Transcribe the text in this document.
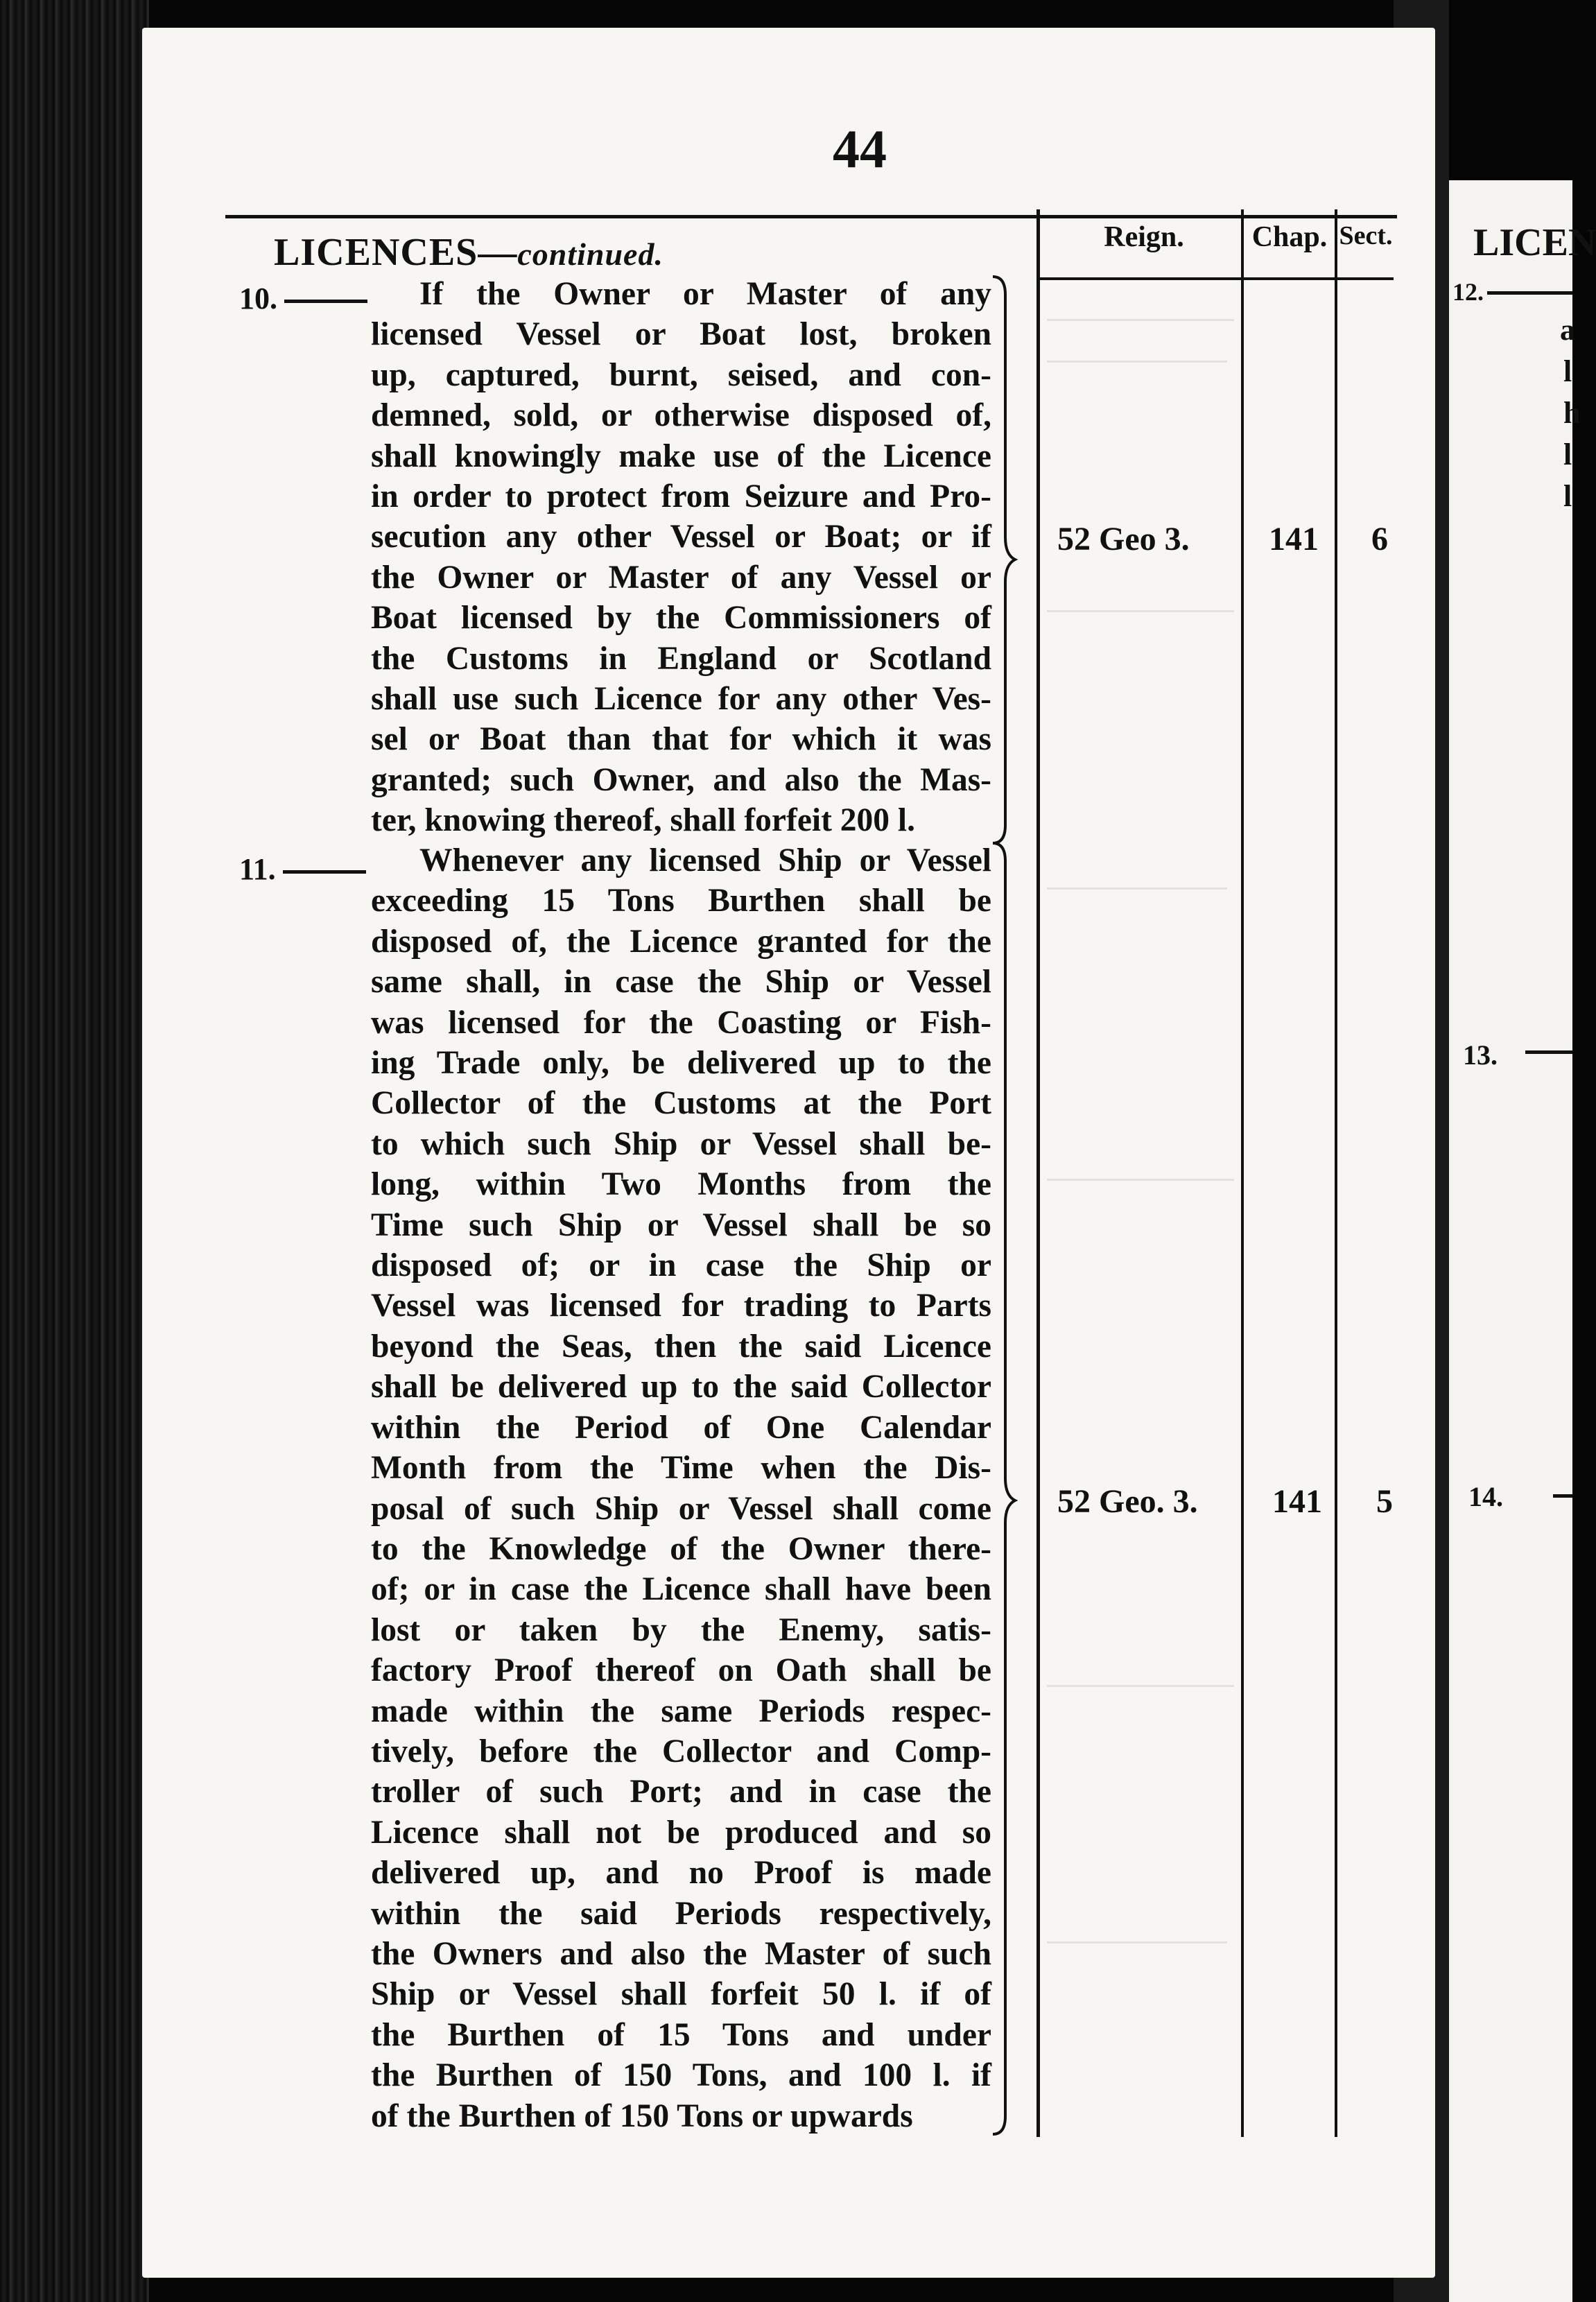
44
LICENCES—continued.	Reign.	Chap. Sect.
10.	If the Owner or Master of any
licensed Vessel or Boat lost, broken
up, captured, burnt, seised, and con-
demned, sold, or otherwise disposed of,
shall knowingly make use of the Licence
in order to protect from Seizure and Pro-
secution any other Vessel or Boat; or if
the Owner or Master of any Vessel or
Boat licensed by the Commissioners of
the Customs in England or Scotland
shall use such Licence for any other Ves-
sel or Boat than that for which it was
granted; such Owner, and also the Mas-
ter, knowing thereof, shall forfeit 200 l.
52 Geo 3. 141 6
11.	Whenever any licensed Ship or Vessel
exceeding 15 Tons Burthen shall be
disposed of, the Licence granted for the
same shall, in case the Ship or Vessel
was licensed for the Coasting or Fish-
ing Trade only, be delivered up to the
Collector of the Customs at the Port
to which such Ship or Vessel shall be-
long, within Two Months from the
Time such Ship or Vessel shall be so
disposed of; or in case the Ship or
Vessel was licensed for trading to Parts
beyond the Seas, then the said Licence
shall be delivered up to the said Collector
within the Period of One Calendar
Month from the Time when the Dis-
posal of such Ship or Vessel shall come
to the Knowledge of the Owner there-
of; or in case the Licence shall have been
lost or taken by the Enemy, satis-
factory Proof thereof on Oath shall be
made within the same Periods respec-
tively, before the Collector and Comp-
troller of such Port; and in case the
Licence shall not be produced and so
delivered up, and no Proof is made
within the said Periods respectively,
the Owners and also the Master of such
Ship or Vessel shall forfeit 50 l. if of
the Burthen of 15 Tons and under
the Burthen of 150 Tons, and 100 l. if
of the Burthen of 150 Tons or upwards
52 Geo. 3. 141 5
LICEN
12.
13.
14.
a
l
h
l
l
